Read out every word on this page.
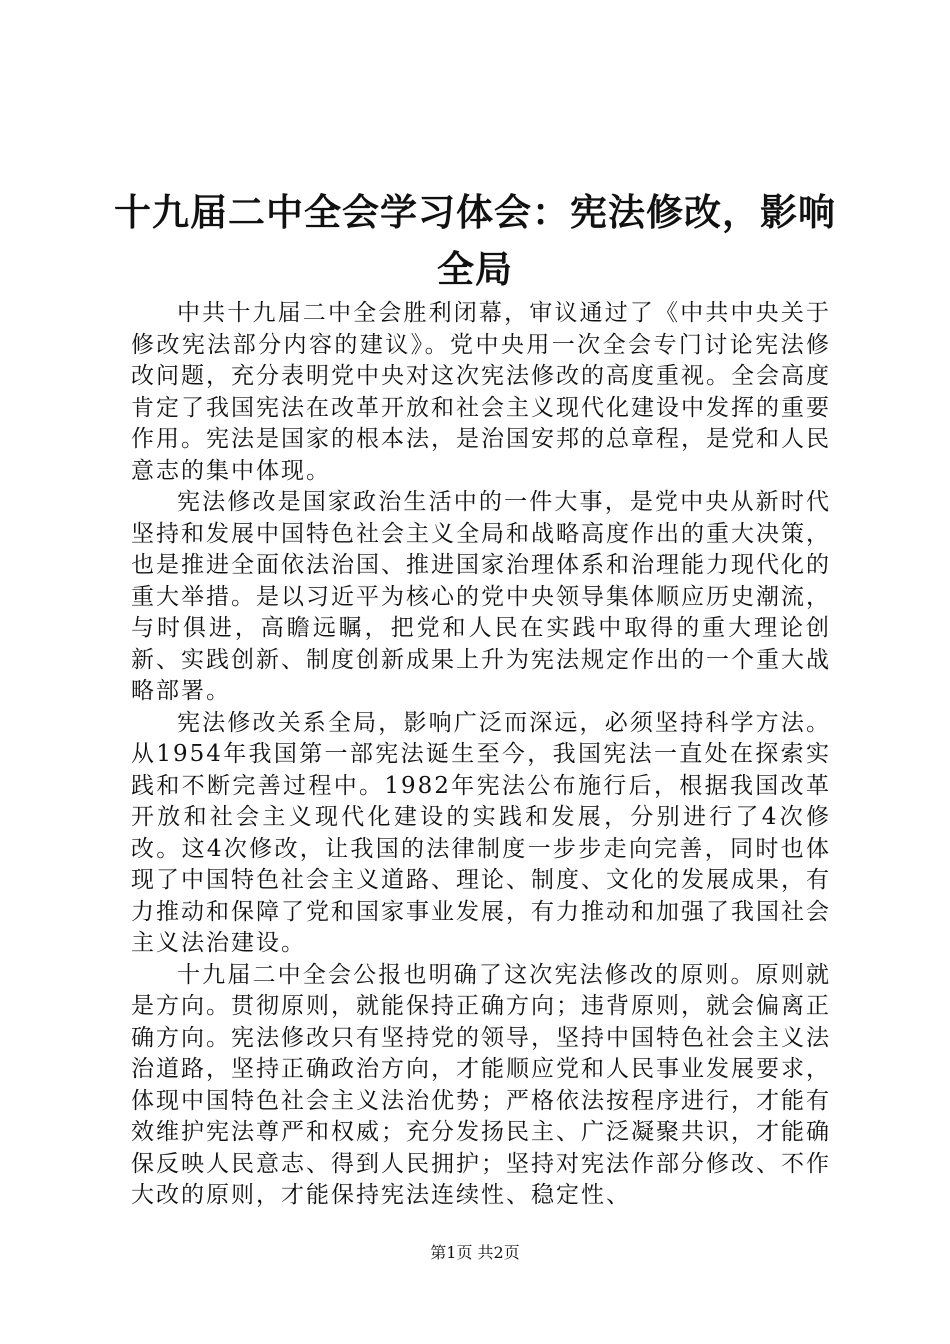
十九届二中全会学习体会：宪法修改，影响全局

中共十九届二中全会胜利闭幕，审议通过了《中共中央关于修改宪法部分内容的建议》。党中央用一次全会专门讨论宪法修改问题，充分表明党中央对这次宪法修改的高度重视。全会高度肯定了我国宪法在改革开放和社会主义现代化建设中发挥的重要作用。宪法是国家的根本法，是治国安邦的总章程，是党和人民意志的集中体现。

宪法修改是国家政治生活中的一件大事，是党中央从新时代坚持和发展中国特色社会主义全局和战略高度作出的重大决策，也是推进全面依法治国、推进国家治理体系和治理能力现代化的重大举措。是以习近平为核心的党中央领导集体顺应历史潮流，与时俱进，高瞻远瞩，把党和人民在实践中取得的重大理论创新、实践创新、制度创新成果上升为宪法规定作出的一个重大战略部署。

宪法修改关系全局，影响广泛而深远，必须坚持科学方法。从1954年我国第一部宪法诞生至今，我国宪法一直处在探索实践和不断完善过程中。1982年宪法公布施行后，根据我国改革开放和社会主义现代化建设的实践和发展，分别进行了4次修改。这4次修改，让我国的法律制度一步步走向完善，同时也体现了中国特色社会主义道路、理论、制度、文化的发展成果，有力推动和保障了党和国家事业发展，有力推动和加强了我国社会主义法治建设。

十九届二中全会公报也明确了这次宪法修改的原则。原则就是方向。贯彻原则，就能保持正确方向；违背原则，就会偏离正确方向。宪法修改只有坚持党的领导，坚持中国特色社会主义法治道路，坚持正确政治方向，才能顺应党和人民事业发展要求，体现中国特色社会主义法治优势；严格依法按程序进行，才能有效维护宪法尊严和权威；充分发扬民主、广泛凝聚共识，才能确保反映人民意志、得到人民拥护；坚持对宪法作部分修改、不作大改的原则，才能保持宪法连续性、稳定性、

第1页 共2页
